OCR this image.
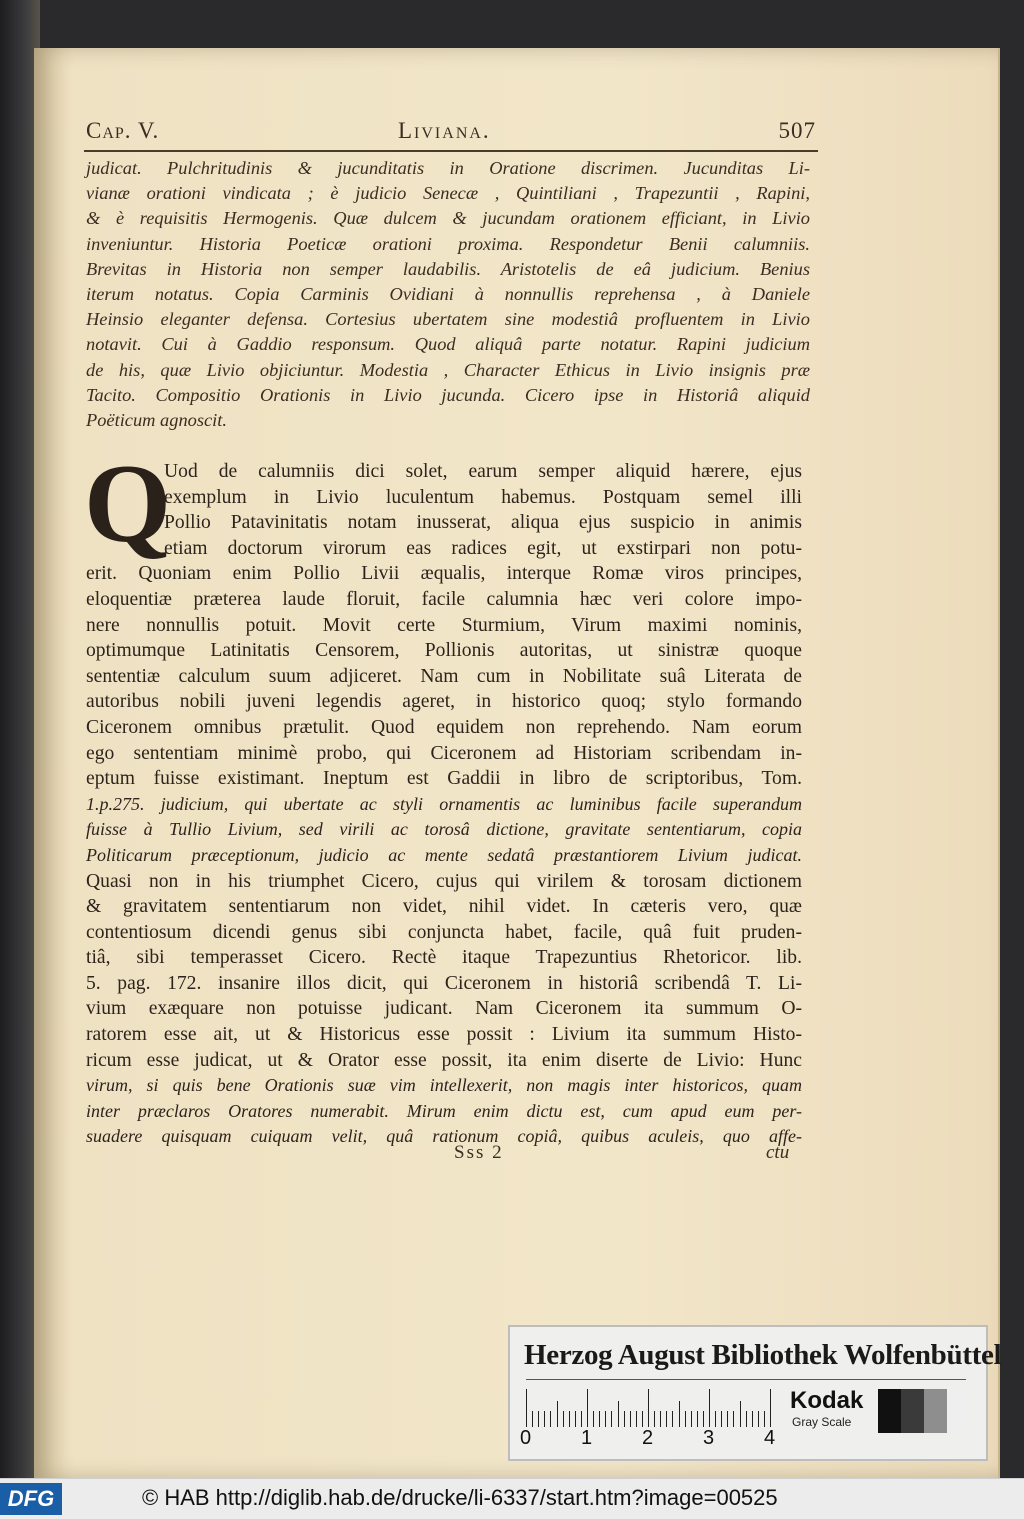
Cap. V.	Liviana.	507
judicat. Pulchritudinis & jucunditatis in Oratione discrimen. Jucunditas Li-
vianæ orationi vindicata ; è judicio Senecæ , Quintiliani , Trapezuntii , Rapini,
& è requisitis Hermogenis. Quæ dulcem & jucundam orationem efficiant, in Livio
inveniuntur. Historia Poeticæ orationi proxima. Respondetur Benii calumniis.
Brevitas in Historia non semper laudabilis. Aristotelis de eâ judicium. Benius
iterum notatus. Copia Carminis Ovidiani à nonnullis reprehensa , à Daniele
Heinsio eleganter defensa. Cortesius ubertatem sine modestiâ profluentem in Livio
notavit. Cui à Gaddio responsum. Quod aliquâ parte notatur. Rapini judicium
de his, quæ Livio objiciuntur. Modestia , Character Ethicus in Livio insignis præ
Tacito. Compositio Orationis in Livio jucunda. Cicero ipse in Historiâ aliquid
Poëticum agnoscit.
Q
Uod de calumniis dici solet, earum semper aliquid hærere, ejus
exemplum in Livio luculentum habemus. Postquam semel illi
Pollio Patavinitatis notam inusserat, aliqua ejus suspicio in animis
etiam doctorum virorum eas radices egit, ut exstirpari non potu-
erit. Quoniam enim Pollio Livii æqualis, interque Romæ viros principes,
eloquentiæ præterea laude floruit, facile calumnia hæc veri colore impo-
nere nonnullis potuit. Movit certe Sturmium, Virum maximi nominis,
optimumque Latinitatis Censorem, Pollionis autoritas, ut sinistræ quoque
sententiæ calculum suum adjiceret. Nam cum in Nobilitate suâ Literata de
autoribus nobili juveni legendis ageret, in historico quoq; stylo formando
Ciceronem omnibus prætulit. Quod equidem non reprehendo. Nam eorum
ego sententiam minimè probo, qui Ciceronem ad Historiam scribendam in-
eptum fuisse existimant. Ineptum est Gaddii in libro de scriptoribus, Tom.
1.p.275. judicium, qui ubertate ac styli ornamentis ac luminibus facile superandum
fuisse à Tullio Livium, sed virili ac torosâ dictione, gravitate sententiarum, copia
Politicarum præceptionum, judicio ac mente sedatâ præstantiorem Livium judicat.
Quasi non in his triumphet Cicero, cujus qui virilem & torosam dictionem
& gravitatem sententiarum non videt, nihil videt. In cæteris vero, quæ
contentiosum dicendi genus sibi conjuncta habet, facile, quâ fuit pruden-
tiâ, sibi temperasset Cicero. Rectè itaque Trapezuntius Rhetoricor. lib.
5. pag. 172. insanire illos dicit, qui Ciceronem in historiâ scribendâ T. Li-
vium exæquare non potuisse judicant. Nam Ciceronem ita summum O-
ratorem esse ait, ut & Historicus esse possit : Livium ita summum Histo-
ricum esse judicat, ut & Orator esse possit, ita enim diserte de Livio: Hunc
virum, si quis bene Orationis suæ vim intellexerit, non magis inter historicos, quam
inter præclaros Oratores numerabit. Mirum enim dictu est, cum apud eum per-
suadere quisquam cuiquam velit, quâ rationum copiâ, quibus aculeis, quo affe-
Sss 2	ctu
Herzog August Bibliothek Wolfenbüttel
0 1 2 3 4
Kodak
Gray Scale
DFG	© HAB http://diglib.hab.de/drucke/li-6337/start.htm?image=00525
